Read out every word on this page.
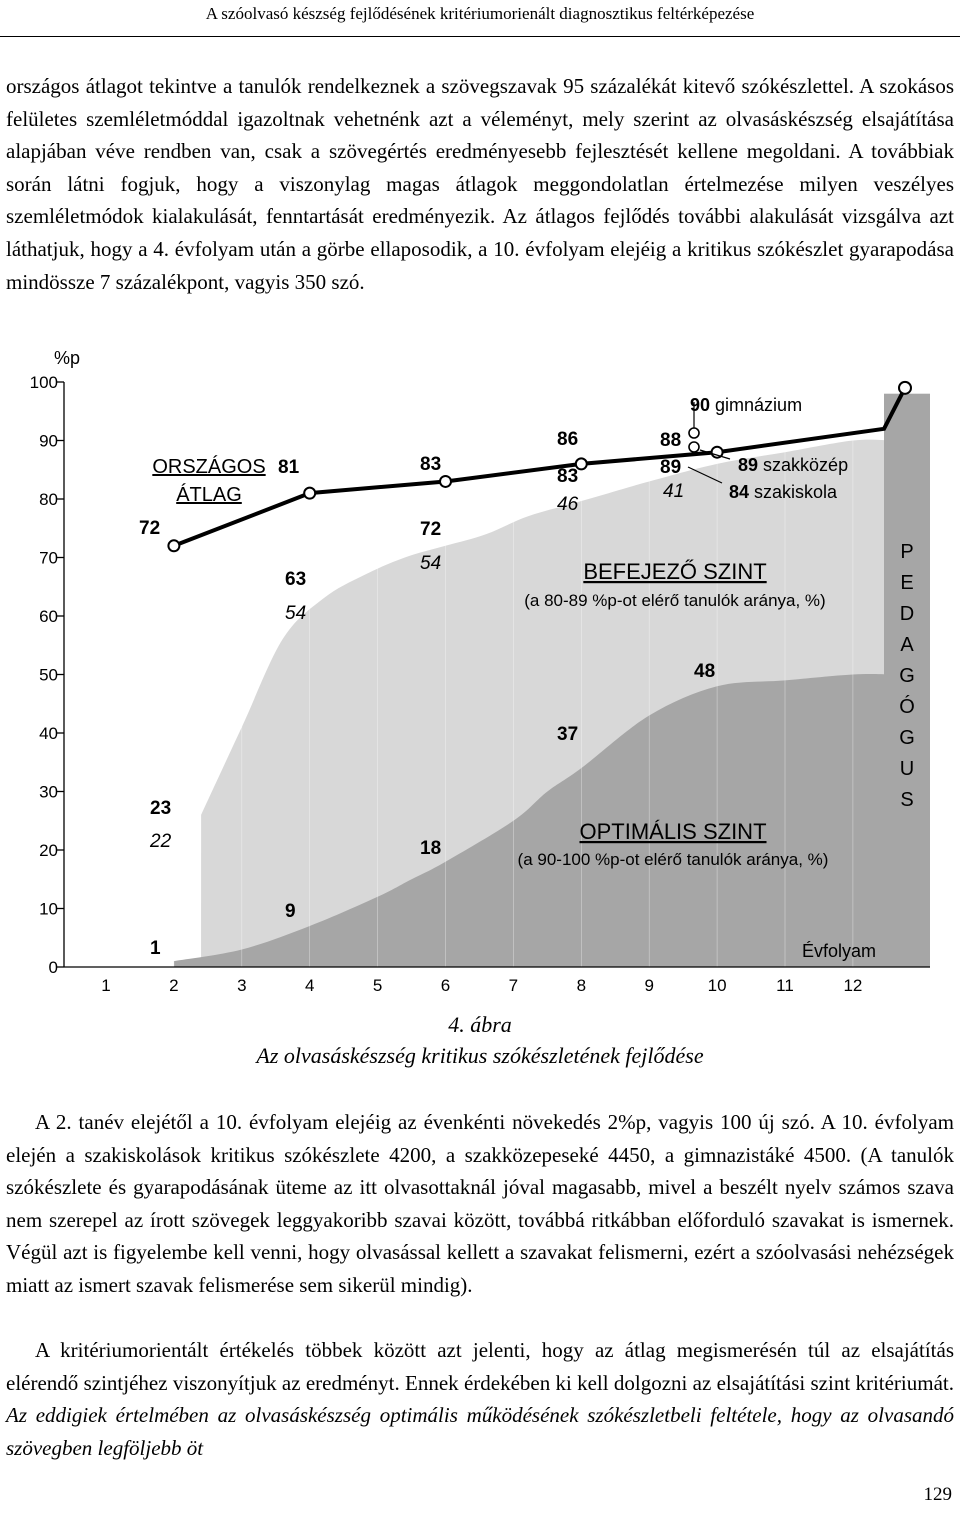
A szóolvasó készség fejlődésének kritériumorienált diagnosztikus feltérképezése

országos átlagot tekintve a tanulók rendelkeznek a szövegszavak 95 százalékát kitevő szókészlettel. A szokásos felületes szemléletmóddal igazoltnak vehetnénk azt a véleményt, mely szerint az olvasáskészség elsajátítása alapjában véve rendben van, csak a szövegértés eredményesebb fejlesztését kellene megoldani. A továbbiak során látni fogjuk, hogy a viszonylag magas átlagok meggondolatlan értelmezése milyen veszélyes szemléletmódok kialakulását, fenntartását eredményezik. Az átlagos fejlődés további alakulását vizsgálva azt láthatjuk, hogy a 4. évfolyam után a görbe ellaposodik, a 10. évfolyam elejéig a kritikus szókészlet gyarapodása mindössze 7 százalékpont, vagyis 350 szó.

0
10
20
30
40
50
60
70
80
90
100
%p
1	2	3	4	5	6	7	8	9	10	11	12
Évfolyam
72
81	83
86	88
63
72
83	89
22
54
54
46
41
1
23
9
18
37
48
90 gimnázium
89 szakközép
84 szakiskola
ORSZÁGOS
ÁTLAG
BEFEJEZŐ SZINT
(a 80-89 %p-ot elérő tanulók aránya, %)
OPTIMÁLIS SZINT
(a 90-100 %p-ot elérő tanulók aránya, %)
P
E
D
A
G
Ó
G
U
S
4. ábra
Az olvasáskészség kritikus szókészletének fejlődése

A 2. tanév elejétől a 10. évfolyam elejéig az évenkénti növekedés 2%p, vagyis 100 új szó. A 10. évfolyam elején a szakiskolások kritikus szókészlete 4200, a szakközepeseké 4450, a gimnazistáké 4500. (A tanulók szókészlete és gyarapodásának üteme az itt olvasottaknál jóval magasabb, mivel a beszélt nyelv számos szava nem szerepel az írott szövegek leggyakoribb szavai között, továbbá ritkábban előforduló szavakat is ismernek. Végül azt is figyelembe kell venni, hogy olvasással kellett a szavakat felismerni, ezért a szóolvasási nehézségek miatt az ismert szavak felismerése sem sikerül mindig).

A kritériumorientált értékelés többek között azt jelenti, hogy az átlag megismerésén túl az elsajátítás elérendő szintjéhez viszonyítjuk az eredményt. Ennek érdekében ki kell dolgozni az elsajátítási szint kritériumát. Az eddigiek értelmében az olvasáskészség optimális működésének szókészletbeli feltétele, hogy az olvasandó szövegben legföljebb öt

129
